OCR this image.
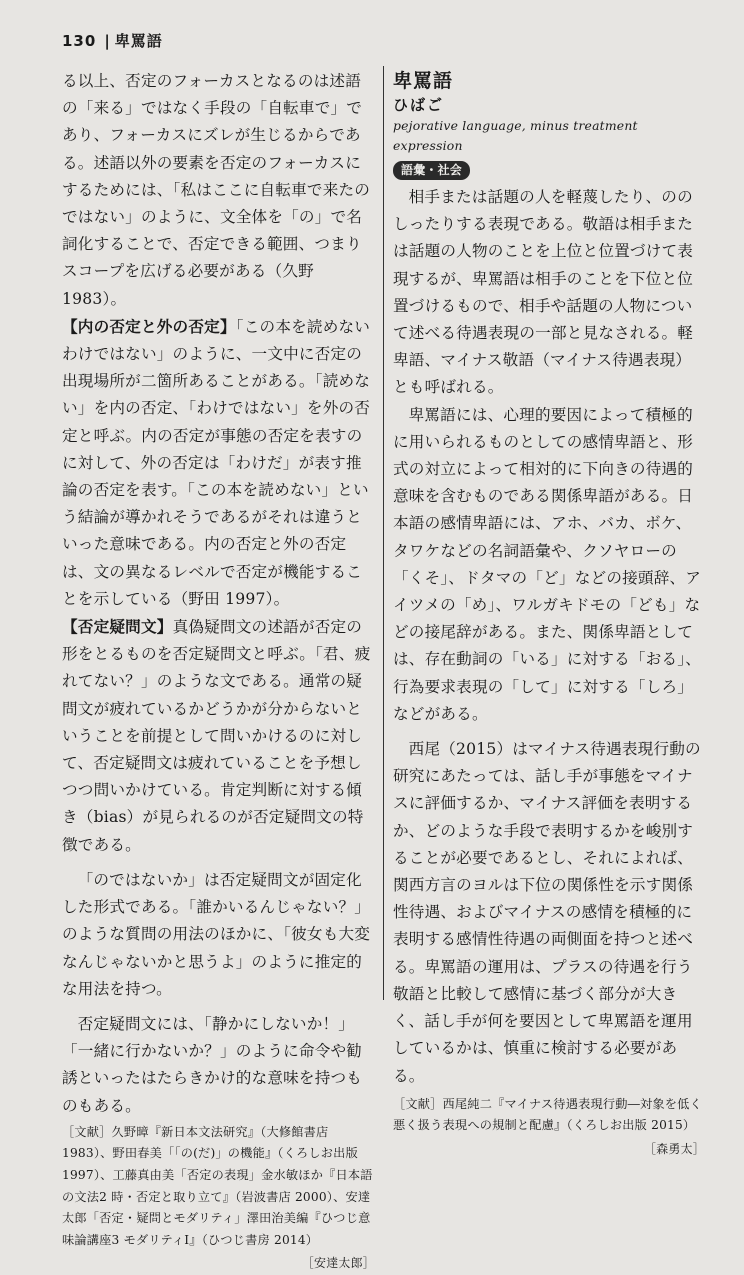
130 | 卑罵語

る以上、否定のフォーカスとなるのは述語の「来る」ではなく手段の「自転車で」であり、フォーカスにズレが生じるからである。述語以外の要素を否定のフォーカスにするためには、「私はここに自転車で来たのではない」のように、文全体を「の」で名詞化することで、否定できる範囲、つまりスコープを広げる必要がある（久野 1983）。

【内の否定と外の否定】「この本を読めないわけではない」のように、一文中に否定の出現場所が二箇所あることがある。「読めない」を内の否定、「わけではない」を外の否定と呼ぶ。内の否定が事態の否定を表すのに対して、外の否定は「わけだ」が表す推論の否定を表す。「この本を読めない」という結論が導かれそうであるがそれは違うといった意味である。内の否定と外の否定は、文の異なるレベルで否定が機能することを示している（野田 1997）。

【否定疑問文】真偽疑問文の述語が否定の形をとるものを否定疑問文と呼ぶ。「君、疲れてない？」のような文である。通常の疑問文が疲れているかどうかが分からないということを前提として問いかけるのに対して、否定疑問文は疲れていることを予想しつつ問いかけている。肯定判断に対する傾き（bias）が見られるのが否定疑問文の特徴である。

「のではないか」は否定疑問文が固定化した形式である。「誰かいるんじゃない？」のような質問の用法のほかに、「彼女も大変なんじゃないかと思うよ」のように推定的な用法を持つ。

否定疑問文には、「静かにしないか！」「一緒に行かないか？」のように命令や勧誘といったはたらきかけ的な意味を持つものもある。

［文献］久野暲『新日本文法研究』（大修館書店 1983）、野田春美「「の(だ)」の機能』（くろしお出版 1997）、工藤真由美「否定の表現」金水敏ほか『日本語の文法2 時・否定と取り立て』（岩波書店 2000）、安達太郎「否定・疑問とモダリティ」澤田治美編『ひつじ意味論講座3 モダリティⅠ』（ひつじ書房 2014）

［安達太郎］
卑罵語
ひばご
pejorative language, minus treatment expression
語彙・社会

相手または話題の人を軽蔑したり、ののしったりする表現である。敬語は相手または話題の人物のことを上位と位置づけて表現するが、卑罵語は相手のことを下位と位置づけるもので、相手や話題の人物について述べる待遇表現の一部と見なされる。軽卑語、マイナス敬語（マイナス待遇表現）とも呼ばれる。

卑罵語には、心理的要因によって積極的に用いられるものとしての感情卑語と、形式の対立によって相対的に下向きの待遇的意味を含むものである関係卑語がある。日本語の感情卑語には、アホ、バカ、ボケ、タワケなどの名詞語彙や、クソヤローの「くそ」、ドタマの「ど」などの接頭辞、アイツメの「め」、ワルガキドモの「ども」などの接尾辞がある。また、関係卑語としては、存在動詞の「いる」に対する「おる」、行為要求表現の「して」に対する「しろ」などがある。

西尾（2015）はマイナス待遇表現行動の研究にあたっては、話し手が事態をマイナスに評価するか、マイナス評価を表明するか、どのような手段で表明するかを峻別することが必要であるとし、それによれば、関西方言のヨルは下位の関係性を示す関係性待遇、およびマイナスの感情を積極的に表明する感情性待遇の両側面を持つと述べる。卑罵語の運用は、プラスの待遇を行う敬語と比較して感情に基づく部分が大きく、話し手が何を要因として卑罵語を運用しているかは、慎重に検討する必要がある。

［文献］西尾純二『マイナス待遇表現行動―対象を低く悪く扱う表現への規制と配慮』（くろしお出版 2015）

［森勇太］
